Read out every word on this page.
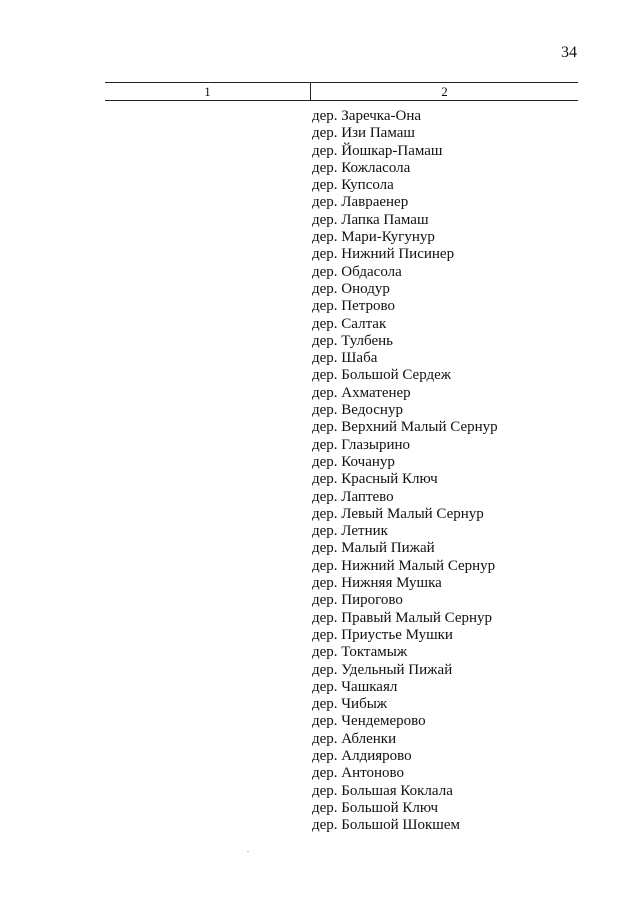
34
1	2
дер. Заречка-Она
дер. Изи Памаш
дер. Йошкар-Памаш
дер. Кожласола
дер. Купсола
дер. Лавраенер
дер. Лапка Памаш
дер. Мари-Кугунур
дер. Нижний Писинер
дер. Обдасола
дер. Онодур
дер. Петрово
дер. Салтак
дер. Тулбень
дер. Шаба
дер. Большой Сердеж
дер. Ахматенер
дер. Ведоснур
дер. Верхний Малый Сернур
дер. Глазырино
дер. Кочанур
дер. Красный Ключ
дер. Лаптево
дер. Левый Малый Сернур
дер. Летник
дер. Малый Пижай
дер. Нижний Малый Сернур
дер. Нижняя Мушка
дер. Пирогово
дер. Правый Малый Сернур
дер. Приустье Мушки
дер. Токтамыж
дер. Удельный Пижай
дер. Чашкаял
дер. Чибыж
дер. Чендемерово
дер. Абленки
дер. Алдиярово
дер. Антоново
дер. Большая Коклала
дер. Большой Ключ
дер. Большой Шокшем
